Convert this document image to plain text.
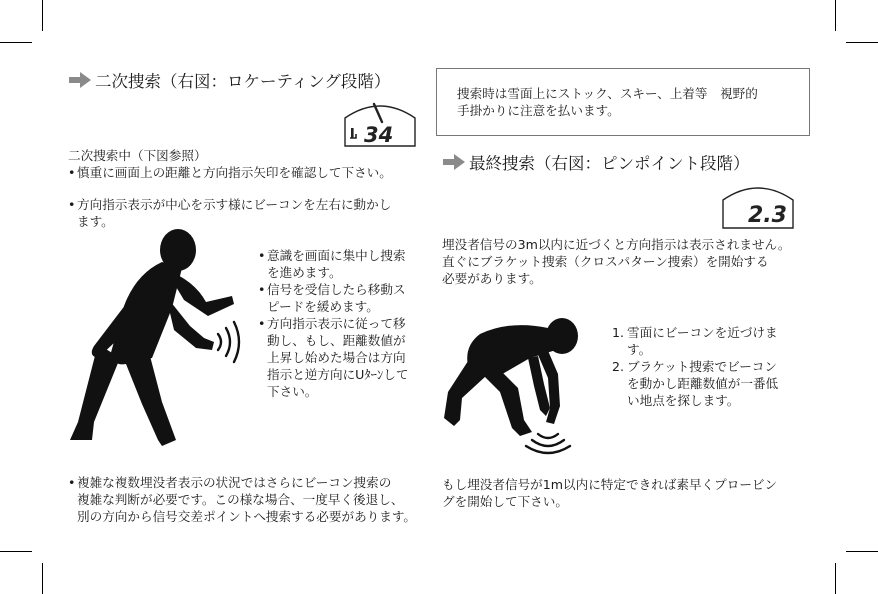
二次捜索（右図：ロケーティング段階）
34
二次捜索中（下図参照）
• 慎重に画面上の距離と方向指示矢印を確認して下さい。
• 方向指示表示が中心を示す様にビーコンを左右に動かし
ます。
• 意識を画面に集中し捜索
を進めます。
• 信号を受信したら移動ス
ピードを緩めます。
• 方向指示表示に従って移
動し、もし、距離数値が
上昇し始めた場合は方向
指示と逆方向にUﾀｰﾝして
下さい。
• 複雑な複数埋没者表示の状況ではさらにビーコン捜索の
複雑な判断が必要です。この様な場合、一度早く後退し、
別の方向から信号交差ポイントへ捜索する必要があります。
捜索時は雪面上にストック、スキー、上着等　視野的
手掛かりに注意を払います。
最終捜索（右図：ピンポイント段階）
2.3
埋没者信号の3m以内に近づくと方向指示は表示されません。
直ぐにブラケット捜索（クロスパターン捜索）を開始する
必要があります。
1. 雪面にビーコンを近づけま
す。
2. ブラケット捜索でビーコン
を動かし距離数値が一番低
い地点を探します。
もし埋没者信号が1m以内に特定できれば素早くプロービン
グを開始して下さい。
